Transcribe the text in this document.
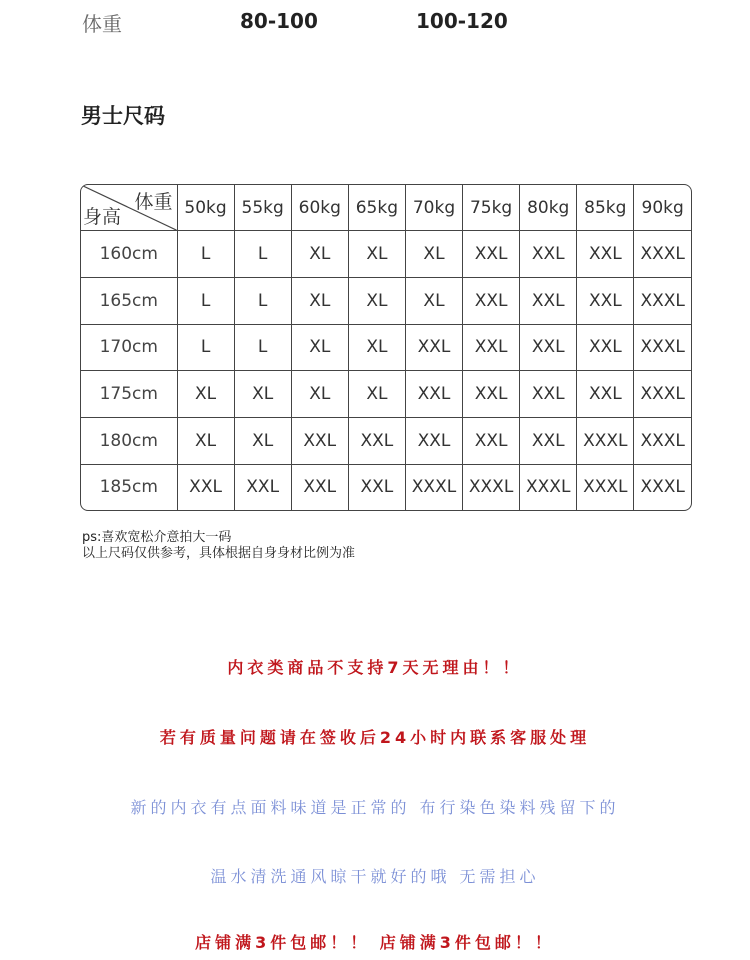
体重	80-100	100-120
男士尺码
体重
身高	50kg	55kg	60kg	65kg	70kg	75kg	80kg	85kg	90kg
160cm	L	L	XL	XL	XL	XXL	XXL	XXL	XXXL
165cm	L	L	XL	XL	XL	XXL	XXL	XXL	XXXL
170cm	L	L	XL	XL	XXL	XXL	XXL	XXL	XXXL
175cm	XL	XL	XL	XL	XXL	XXL	XXL	XXL	XXXL
180cm	XL	XL	XXL	XXL	XXL	XXL	XXL	XXXL	XXXL
185cm	XXL	XXL	XXL	XXL	XXXL	XXXL	XXXL	XXXL	XXXL
ps:喜欢宽松介意拍大一码
以上尺码仅供参考，具体根据自身身材比例为准
内衣类商品不支持7天无理由！！
若有质量问题请在签收后24小时内联系客服处理
新的内衣有点面料味道是正常的 布行染色染料残留下的
温水清洗通风晾干就好的哦 无需担心
店铺满3件包邮！！ 店铺满3件包邮！！
